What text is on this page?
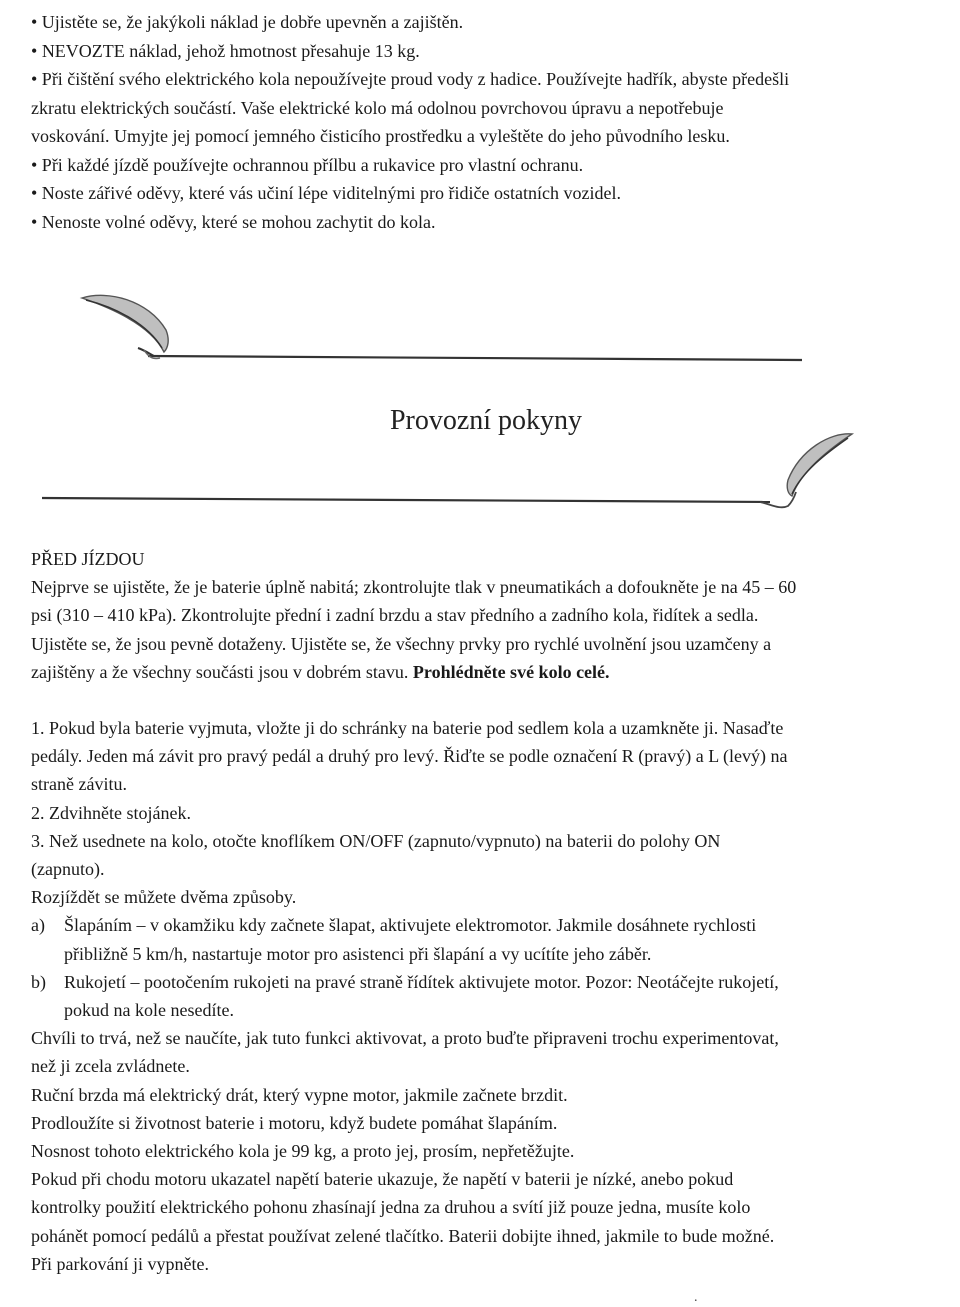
• Ujistěte se, že jakýkoli náklad je dobře upevněn a zajištěn.
• NEVOZTE náklad, jehož hmotnost přesahuje 13 kg.
• Při čištění svého elektrického kola nepoužívejte proud vody z hadice. Používejte hadřík, abyste předešli
zkratu elektrických součástí. Vaše elektrické kolo má odolnou povrchovou úpravu a nepotřebuje
voskování. Umyjte jej pomocí jemného čisticího prostředku a vyleštěte do jeho původního lesku.
• Při každé jízdě používejte ochrannou přílbu a rukavice pro vlastní ochranu.
• Noste zářivé oděvy, které vás učiní lépe viditelnými pro řidiče ostatních vozidel.
• Nenoste volné oděvy, které se mohou zachytit do kola.
Provozní pokyny

PŘED JÍZDOU

Nejprve se ujistěte, že je baterie úplně nabitá; zkontrolujte tlak v pneumatikách a dofoukněte je na 45 – 60

psi (310 – 410 kPa). Zkontrolujte přední i zadní brzdu a stav předního a zadního kola, řidítek a sedla.

Ujistěte se, že jsou pevně dotaženy. Ujistěte se, že všechny prvky pro rychlé uvolnění jsou uzamčeny a

zajištěny a že všechny součásti jsou v dobrém stavu. Prohlédněte své kolo celé.

1. Pokud byla baterie vyjmuta, vložte ji do schránky na baterie pod sedlem kola a uzamkněte ji. Nasaďte

pedály. Jeden má závit pro pravý pedál a druhý pro levý. Řiďte se podle označení R (pravý) a L (levý) na

straně závitu.

2. Zdvihněte stojánek.

3. Než usednete na kolo, otočte knoflíkem ON/OFF (zapnuto/vypnuto) na baterii do polohy ON

(zapnuto).

Rozjíždět se můžete dvěma způsoby.

a)	Šlapáním – v okamžiku kdy začnete šlapat, aktivujete elektromotor. Jakmile dosáhnete rychlosti

přibližně 5 km/h, nastartuje motor pro asistenci při šlapání a vy ucítíte jeho záběr.

b)	Rukojetí – pootočením rukojeti na pravé straně řídítek aktivujete motor. Pozor: Neotáčejte rukojetí,

pokud na kole nesedíte.

Chvíli to trvá, než se naučíte, jak tuto funkci aktivovat, a proto buďte připraveni trochu experimentovat,

než ji zcela zvládnete.

Ruční brzda má elektrický drát, který vypne motor, jakmile začnete brzdit.

Prodloužíte si životnost baterie i motoru, když budete pomáhat šlapáním.

Nosnost tohoto elektrického kola je 99 kg, a proto jej, prosím, nepřetěžujte.

Pokud při chodu motoru ukazatel napětí baterie ukazuje, že napětí v baterii je nízké, anebo pokud

kontrolky použití elektrického pohonu zhasínají jedna za druhou a svítí již pouze jedna, musíte kolo

pohánět pomocí pedálů a přestat používat zelené tlačítko. Baterii dobijte ihned, jakmile to bude možné.

Při parkování ji vypněte.

.
